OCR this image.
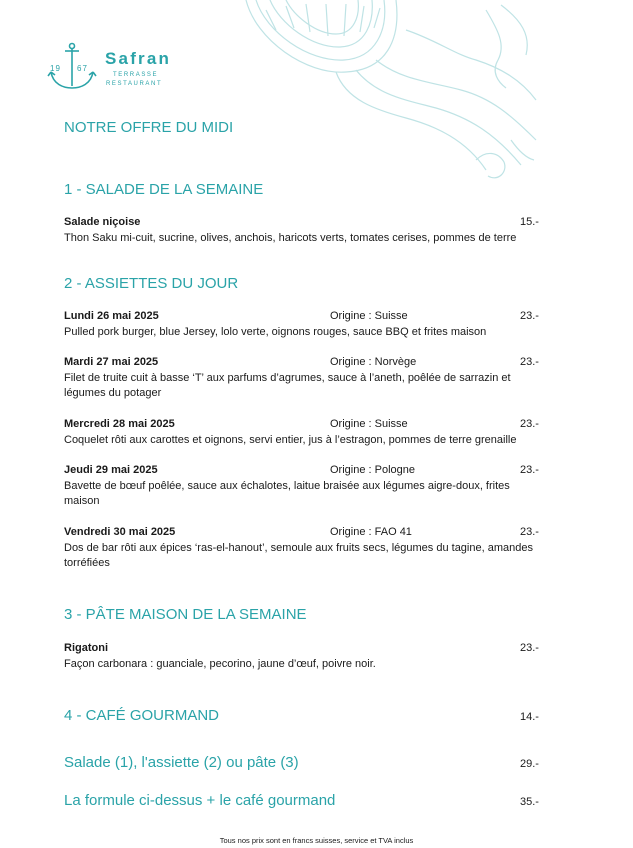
19 67
Safran
TERRASSE
RESTAURANT
NOTRE OFFRE DU MIDI
1 - SALADE DE LA SEMAINE
Salade niçoise	15.-
Thon Saku mi-cuit, sucrine, olives, anchois, haricots verts, tomates cerises, pommes de terre
2 - ASSIETTES DU JOUR
Lundi 26 mai 2025	Origine : Suisse	23.-
Pulled pork burger, blue Jersey, lolo verte, oignons rouges, sauce BBQ et frites maison
Mardi 27 mai 2025	Origine : Norvège	23.-
Filet de truite cuit à basse ‘T’ aux parfums d’agrumes, sauce à l’aneth, poêlée de sarrazin et légumes du potager
Mercredi 28 mai 2025	Origine : Suisse	23.-
Coquelet rôti aux carottes et oignons, servi entier, jus à l’estragon, pommes de terre grenaille
Jeudi 29 mai 2025	Origine : Pologne	23.-
Bavette de bœuf poêlée, sauce aux échalotes, laitue braisée aux légumes aigre-doux, frites maison
Vendredi 30 mai 2025	Origine : FAO 41	23.-
Dos de bar rôti aux épices ‘ras-el-hanout’, semoule aux fruits secs, légumes du tagine, amandes torréfiées
3 - PÂTE MAISON DE LA SEMAINE
Rigatoni	23.-
Façon carbonara : guanciale, pecorino, jaune d’œuf, poivre noir.
4 - CAFÉ GOURMAND	14.-
Salade (1), l'assiette (2) ou pâte (3)	29.-
La formule ci-dessus + le café gourmand	35.-
Tous nos prix sont en francs suisses, service et TVA inclus
